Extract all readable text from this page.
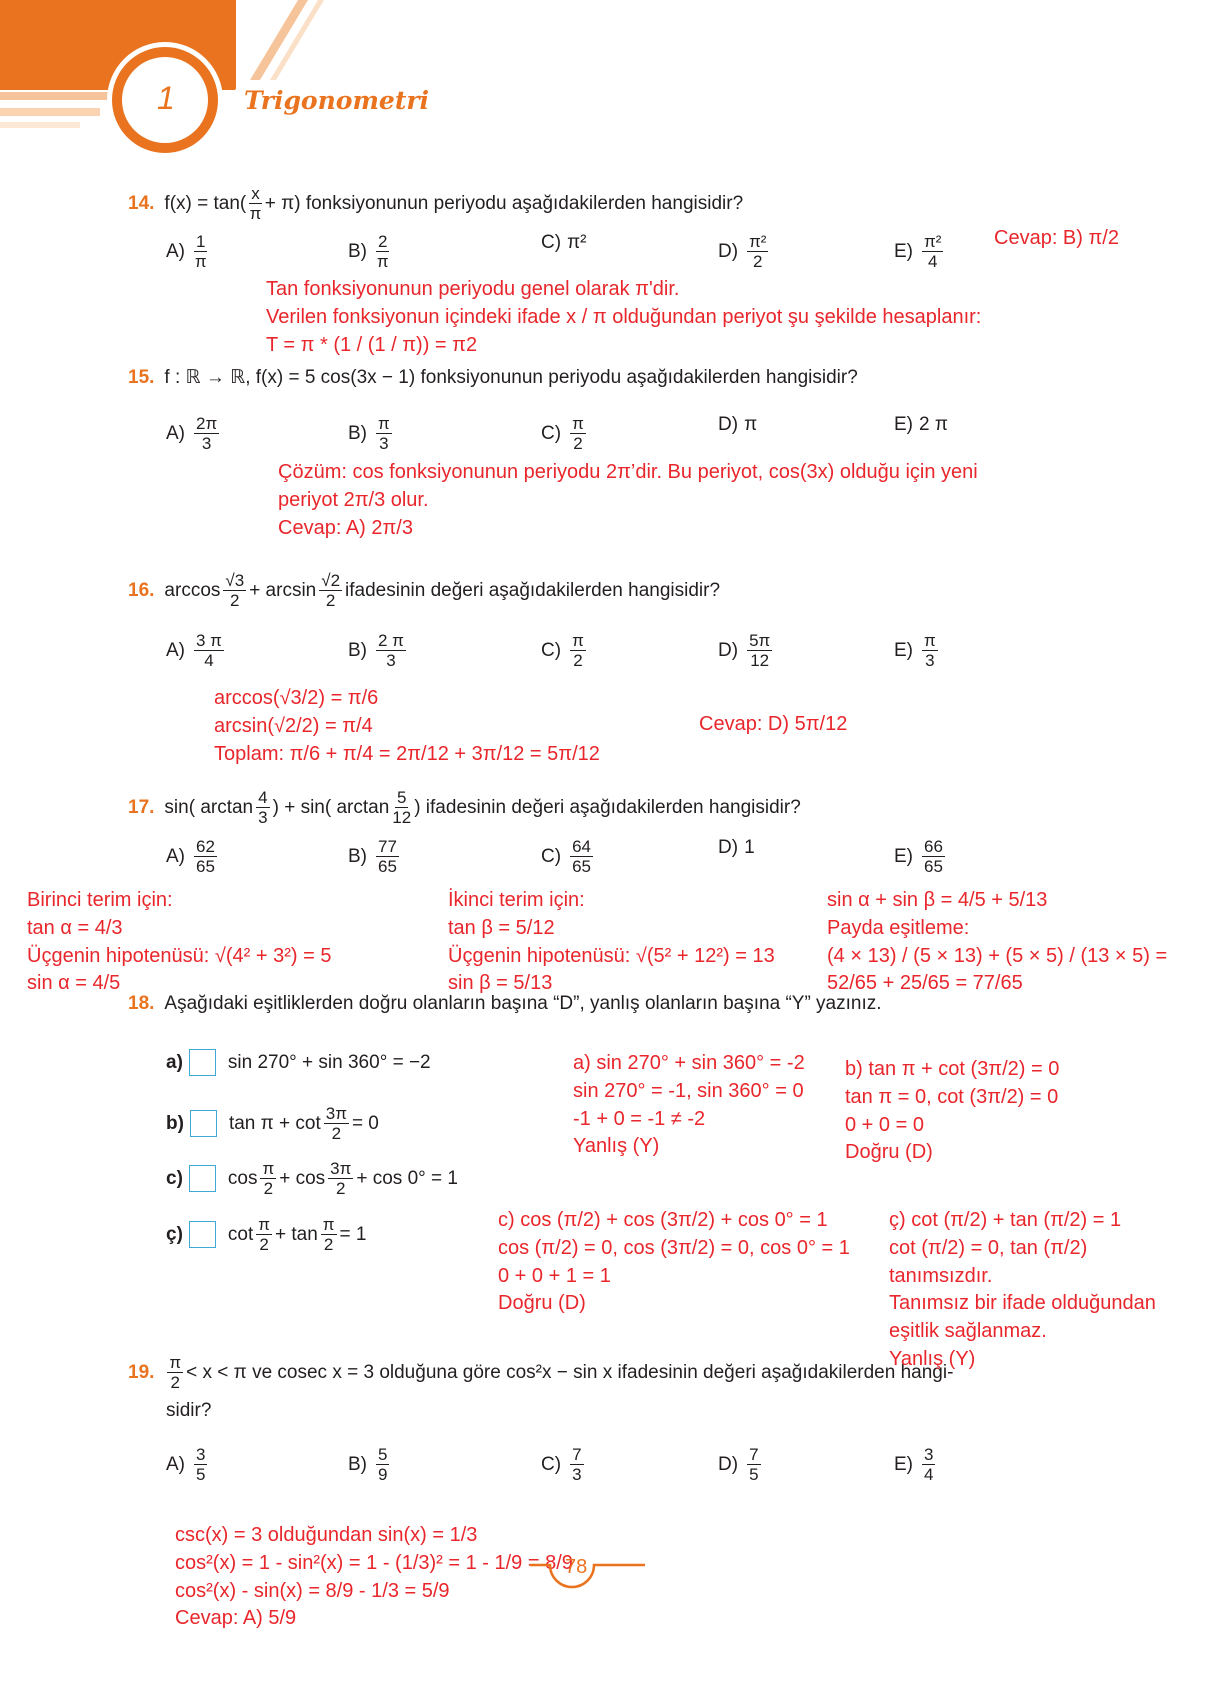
1	Trigonometri
14. $f(x) = \tan( \frac{x}{\pi} + \pi)$ fonksiyonunun periyodu aşağıdakilerden hangisidir?
$A) \frac{1}{\pi}$	$B) \frac{2}{\pi}$	C) π²	$D) \frac{\text{π²}}{2}$	$E) \frac{\text{π²}}{4}$
15. f : ℝ → ℝ, f(x) = 5 cos(3x − 1) fonksiyonunun periyodu aşağıdakilerden hangisidir?
$A) \frac{2\pi}{3}$	$B) \frac{\pi}{3}$	$C) \frac{\pi}{2}$	D) π	E) 2 π
16. $\arccos \frac{√3}{2} + \arcsin \frac{√2}{2}$ ifadesinin değeri aşağıdakilerden hangisidir?
$A) \frac{3 \pi}{4}$	$B) \frac{2 \pi}{3}$	$C) \frac{\pi}{2}$	$D) \frac{5\pi}{12}$	$E) \frac{\pi}{3}$
17. sin( $\arctan \frac{4}{3}$ ) + sin( $\arctan \frac{5}{12}$ ) ifadesinin değeri aşağıdakilerden hangisidir?
$A) \frac{62}{65}$	$B) \frac{77}{65}$	$C) \frac{64}{65}$	D) 1	$E) \frac{66}{65}$
18. Aşağıdaki eşitliklerden doğru olanların başına “D”, yanlış olanların başına “Y” yazınız.
19. $\frac{\pi}{2} < x < \pi$ ve cosec x = 3 olduğuna göre cos²x − sin x ifadesinin değeri aşağıdakilerden hangi-
sidir?
$A) \frac{3}{5}$	$B) \frac{5}{9}$	$C) \frac{7}{3}$	$D) \frac{7}{5}$	$E) \frac{3}{4}$
a) sin 270° + sin 360° = −2
b) $\tan \pi + \cot \frac{3\pi}{2} = 0$
c) $\cos \frac{\pi}{2} + \cos \frac{3\pi}{2} + \cos 0^\circ = 1$
ç) $\cot \frac{\pi}{2} + \tan \frac{\pi}{2} = 1$
Cevap: B) π/2
Tan fonksiyonunun periyodu genel olarak π'dir.
Verilen fonksiyonun içindeki ifade x / π olduğundan periyot şu şekilde hesaplanır:
T = π * (1 / (1 / π)) = π2
Çözüm: cos fonksiyonunun periyodu 2π’dir. Bu periyot, cos(3x) olduğu için yeni
periyot 2π/3 olur.
Cevap: A) 2π/3
arccos(√3/2) = π/6
arcsin(√2/2) = π/4
Toplam: π/6 + π/4 = 2π/12 + 3π/12 = 5π/12
Cevap: D) 5π/12
Birinci terim için:
tan α = 4/3
Üçgenin hipotenüsü: √(4² + 3²) = 5
sin α = 4/5
İkinci terim için:
tan β = 5/12
Üçgenin hipotenüsü: √(5² + 12²) = 13
sin β = 5/13
sin α + sin β = 4/5 + 5/13
Payda eşitleme:
(4 × 13) / (5 × 13) + (5 × 5) / (13 × 5) =
52/65 + 25/65 = 77/65
a) sin 270° + sin 360° = -2
sin 270° = -1, sin 360° = 0
-1 + 0 = -1 ≠ -2
Yanlış (Y)
b) tan π + cot (3π/2) = 0
tan π = 0, cot (3π/2) = 0
0 + 0 = 0
Doğru (D)
c) cos (π/2) + cos (3π/2) + cos 0° = 1
cos (π/2) = 0, cos (3π/2) = 0, cos 0° = 1
0 + 0 + 1 = 1
Doğru (D)
ç) cot (π/2) + tan (π/2) = 1
cot (π/2) = 0, tan (π/2)
tanımsızdır.
Tanımsız bir ifade olduğundan
eşitlik sağlanmaz.
Yanlış (Y)
csc(x) = 3 olduğundan sin(x) = 1/3
cos²(x) = 1 - sin²(x) = 1 - (1/3)² = 1 - 1/9 = 8/9
cos²(x) - sin(x) = 8/9 - 1/3 = 5/9
Cevap: A) 5/9
78
